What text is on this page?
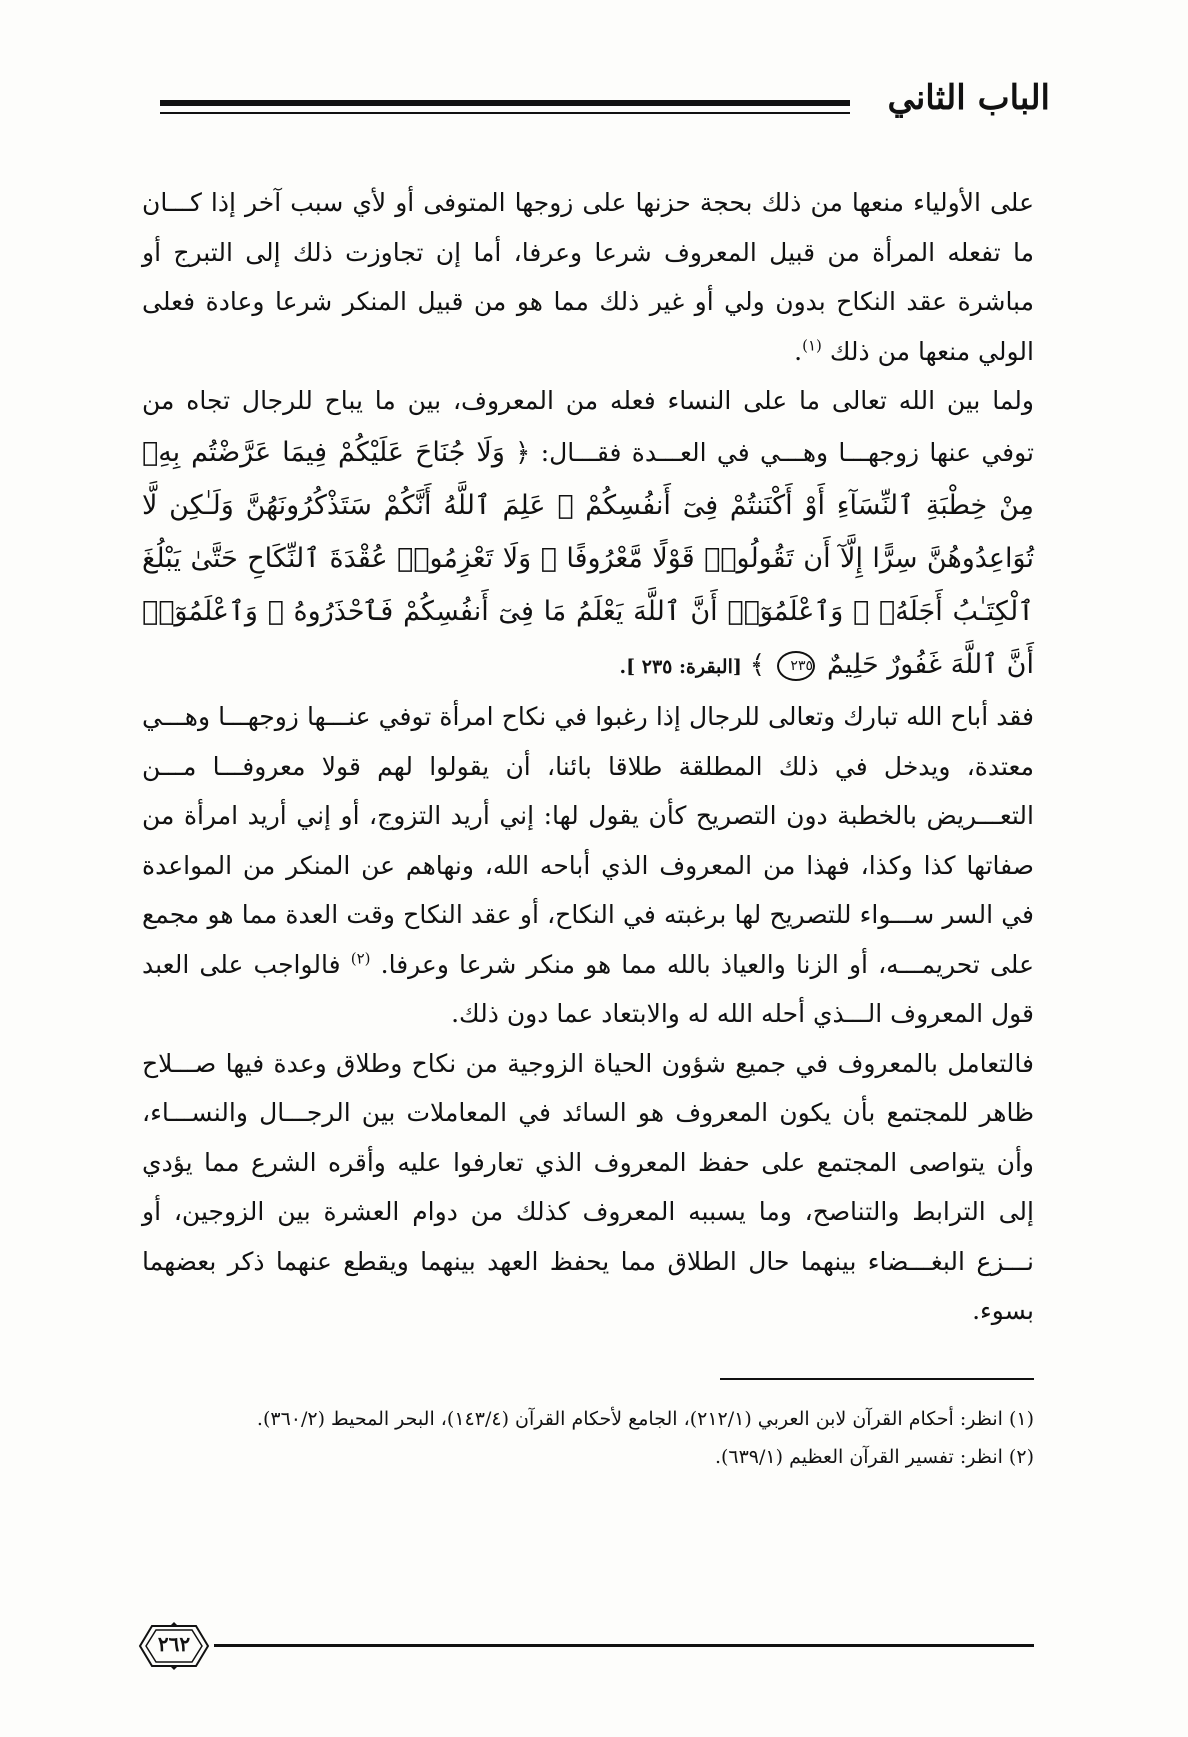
الباب الثاني

على الأولياء منعها من ذلك بحجة حزنها على زوجها المتوفى أو لأي سبب آخر إذا كـــان ما تفعله المرأة من قبيل المعروف شرعا وعرفا، أما إن تجاوزت ذلك إلى التبرج أو مباشرة عقد النكاح بدون ولي أو غير ذلك مما هو من قبيل المنكر شرعا وعادة فعلى الولي منعها من ذلك $^{(١)}$.

ولما بين الله تعالى ما على النساء فعله من المعروف، بين ما يباح للرجال تجاه من توفي عنها زوجهـــا وهـــي في العـــدة فقـــال: ﴿ وَلَا جُنَاحَ عَلَيْكُمْ فِيمَا عَرَّضْتُم بِهِۦ مِنْ خِطْبَةِ ٱلنِّسَآءِ أَوْ أَكْنَنتُمْ فِىٓ أَنفُسِكُمْ ۚ عَلِمَ ٱللَّهُ أَنَّكُمْ سَتَذْكُرُونَهُنَّ وَلَـٰكِن لَّا تُوَاعِدُوهُنَّ سِرًّا إِلَّآ أَن تَقُولُوا۟ قَوْلًا مَّعْرُوفًا ۚ وَلَا تَعْزِمُوا۟ عُقْدَةَ ٱلنِّكَاحِ حَتَّىٰ يَبْلُغَ ٱلْكِتَـٰبُ أَجَلَهُۥ ۚ وَٱعْلَمُوٓا۟ أَنَّ ٱللَّهَ يَعْلَمُ مَا فِىٓ أَنفُسِكُمْ فَٱحْذَرُوهُ ۚ وَٱعْلَمُوٓا۟ أَنَّ ٱللَّهَ غَفُورٌ حَلِيمٌ ٢٣٥ ﴾ [البقرة: ٢٣٥ ].

فقد أباح الله تبارك وتعالى للرجال إذا رغبوا في نكاح امرأة توفي عنـــها زوجهـــا وهـــي معتدة، ويدخل في ذلك المطلقة طلاقا بائنا، أن يقولوا لهم قولا معروفـــا مـــن التعـــريض بالخطبة دون التصريح كأن يقول لها: إني أريد التزوج، أو إني أريد امرأة من صفاتها كذا وكذا، فهذا من المعروف الذي أباحه الله، ونهاهم عن المنكر من المواعدة في السر ســـواء للتصريح لها برغبته في النكاح، أو عقد النكاح وقت العدة مما هو مجمع على تحريمـــه، أو الزنا والعياذ بالله مما هو منكر شرعا وعرفا. $^{(٢)}$ فالواجب على العبد قول المعروف الـــذي أحله الله له والابتعاد عما دون ذلك.

فالتعامل بالمعروف في جميع شؤون الحياة الزوجية من نكاح وطلاق وعدة فيها صـــلاح ظاهر للمجتمع بأن يكون المعروف هو السائد في المعاملات بين الرجـــال والنســـاء، وأن يتواصى المجتمع على حفظ المعروف الذي تعارفوا عليه وأقره الشرع مما يؤدي إلى الترابط والتناصح، وما يسببه المعروف كذلك من دوام العشرة بين الزوجين، أو نـــزع البغـــضاء بينهما حال الطلاق مما يحفظ العهد بينهما ويقطع عنهما ذكر بعضهما بسوء.

(١) انظر: أحكام القرآن لابن العربي (٢١٢/١)، الجامع لأحكام القرآن (١٤٣/٤)، البحر المحيط (٣٦٠/٢).
(٢) انظر: تفسير القرآن العظيم (٦٣٩/١).
٢٦٢
